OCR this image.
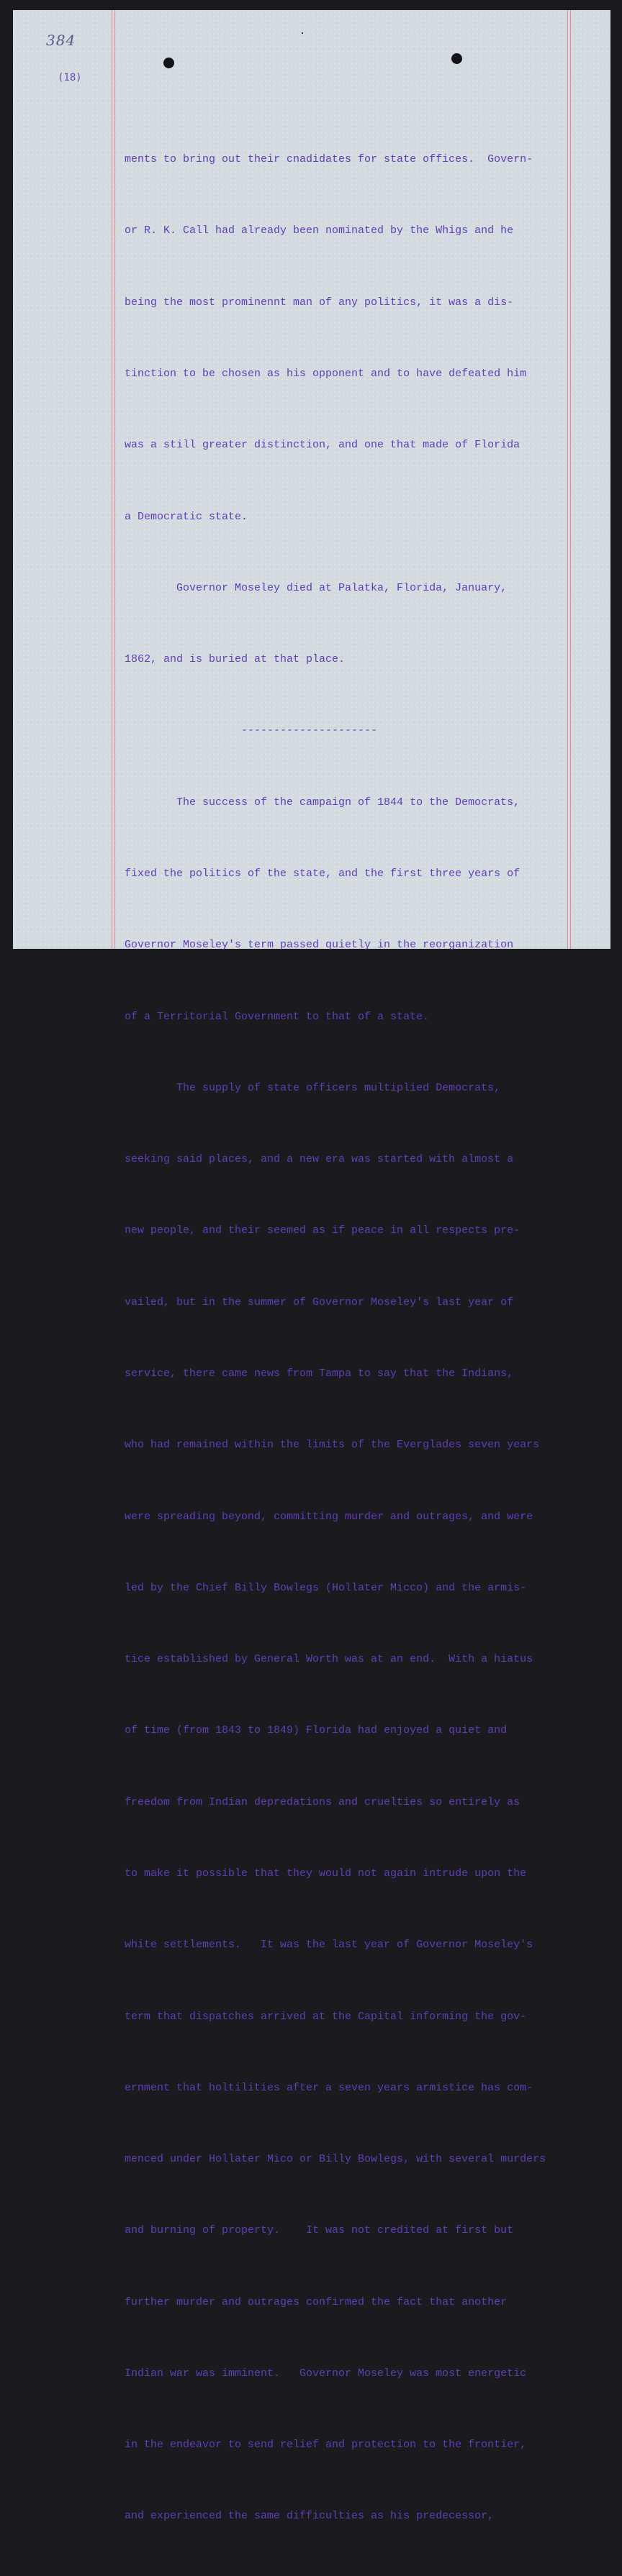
384
(18)

ments to bring out their cnadidates for state offices.  Govern-

or R. K. Call had already been nominated by the Whigs and he

being the most prominennt man of any politics, it was a dis-

tinction to be chosen as his opponent and to have defeated him

was a still greater distinction, and one that made of Florida

a Democratic state.

Governor Moseley died at Palatka, Florida, January,

1862, and is buried at that place.

---------------------

The success of the campaign of 1844 to the Democrats,

fixed the politics of the state, and the first three years of

Governor Moseley's term passed quietly in the reorganization

of a Territorial Government to that of a state.

The supply of state officers multiplied Democrats,

seeking said places, and a new era was started with almost a

new people, and their seemed as if peace in all respects pre-

vailed, but in the summer of Governor Moseley's last year of

service, there came news from Tampa to say that the Indians,

who had remained within the limits of the Everglades seven years

were spreading beyond, committing murder and outrages, and were

led by the Chief Billy Bowlegs (Hollater Micco) and the armis-

tice established by General Worth was at an end.  With a hiatus

of time (from 1843 to 1849) Florida had enjoyed a quiet and

freedom from Indian depredations and cruelties so entirely as

to make it possible that they would not again intrude upon the

white settlements.   It was the last year of Governor Moseley's

term that dispatches arrived at the Capital informing the gov-

ernment that holtilities after a seven years armistice has com-

menced under Hollater Mico or Billy Bowlegs, with several murders

and burning of property.    It was not credited at first but

further murder and outrages confirmed the fact that another

Indian war was imminent.   Governor Moseley was most energetic

in the endeavor to send relief and protection to the frontier,

and experienced the same difficulties as his predecessor,
